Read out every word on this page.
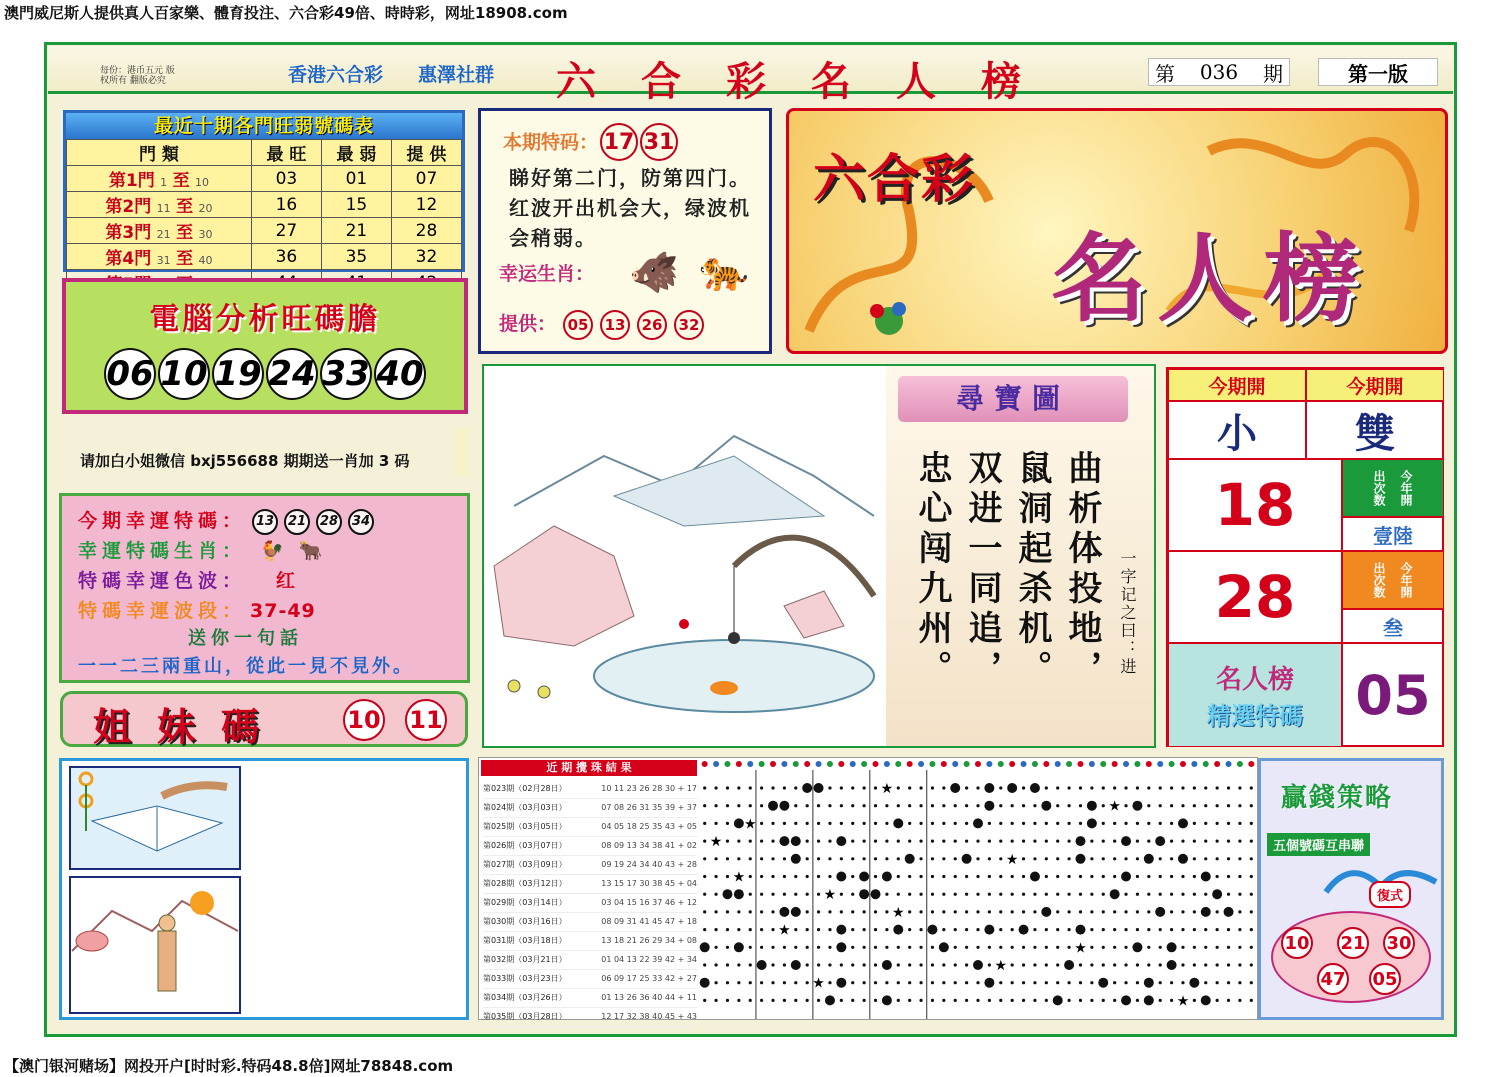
澳門威尼斯人提供真人百家樂、體育投注、六合彩49倍、時時彩，网址18908.com
每份：港币五元 版权所有 翻版必究	香港六合彩 惠澤社群 六合彩名人榜	第 036 期	第一版
最近十期各門旺弱號碼表
門 類	最 旺	最 弱	提 供
第1門 1 至 10	03	01	07
第2門 11 至 20	16	15	12
第3門 21 至 30	27	21	28
第4門 31 至 40	36	35	32

電腦分析旺碼膽
06 10 19 24 33 40
请加白小姐微信 bxj556688 期期送一肖加 3 码
今期幸運特碼： 13 21 28 34
幸運特碼生肖： 🐓 🐂
特碼幸運色波： 红
特碼幸運波段： 37-49
送你一句話
一一二三兩重山，從此一見不見外。
姐妹碼	10 11
本期特码： 17 31
睇好第二门，防第四门。红波开出机会大，绿波机会稍弱。
幸运生肖： 🐗 🐅
提供： 05 13 26 32
六合彩
名人榜
尋寶圖
曲析体投地，
鼠洞起杀机。
双进一同追，
忠心闯九州。	一字记之曰：进
今期開	今期開
小	雙
18	出次数 今年開
壹陸
28	出次数 今年開
叁
名人榜
精選特碼 05
近 期 攪 珠 結 果
第023期（02月28日）	10 11 23 26 28 30 + 17
第024期（03月03日）	07 08 26 31 35 39 + 37
第025期（03月05日）	04 05 18 25 35 43 + 05
第026期（03月07日）	08 09 13 34 38 41 + 02
第027期（03月09日）	09 19 24 34 40 43 + 28
第028期（03月12日）	13 15 17 30 38 45 + 04
第029期（03月14日）	03 04 15 16 37 46 + 12
第030期（03月16日）	08 09 31 41 45 47 + 18
第031期（03月18日）	13 18 21 26 29 34 + 08
第032期（03月21日）	01 04 13 22 39 42 + 34
第033期（03月23日）	06 09 17 25 33 42 + 27
第034期（03月26日）	01 13 26 36 40 44 + 11
第035期（03月28日）	12 17 32 38 40 45 + 43
★
★
★
★
★
★
★
★
★
★
★
★
★
贏錢策略
五個號碼互串聯
復式
10 21 30
47 05
【澳门银河赌场】网投开户[时时彩.特码48.8倍]网址78848.com
